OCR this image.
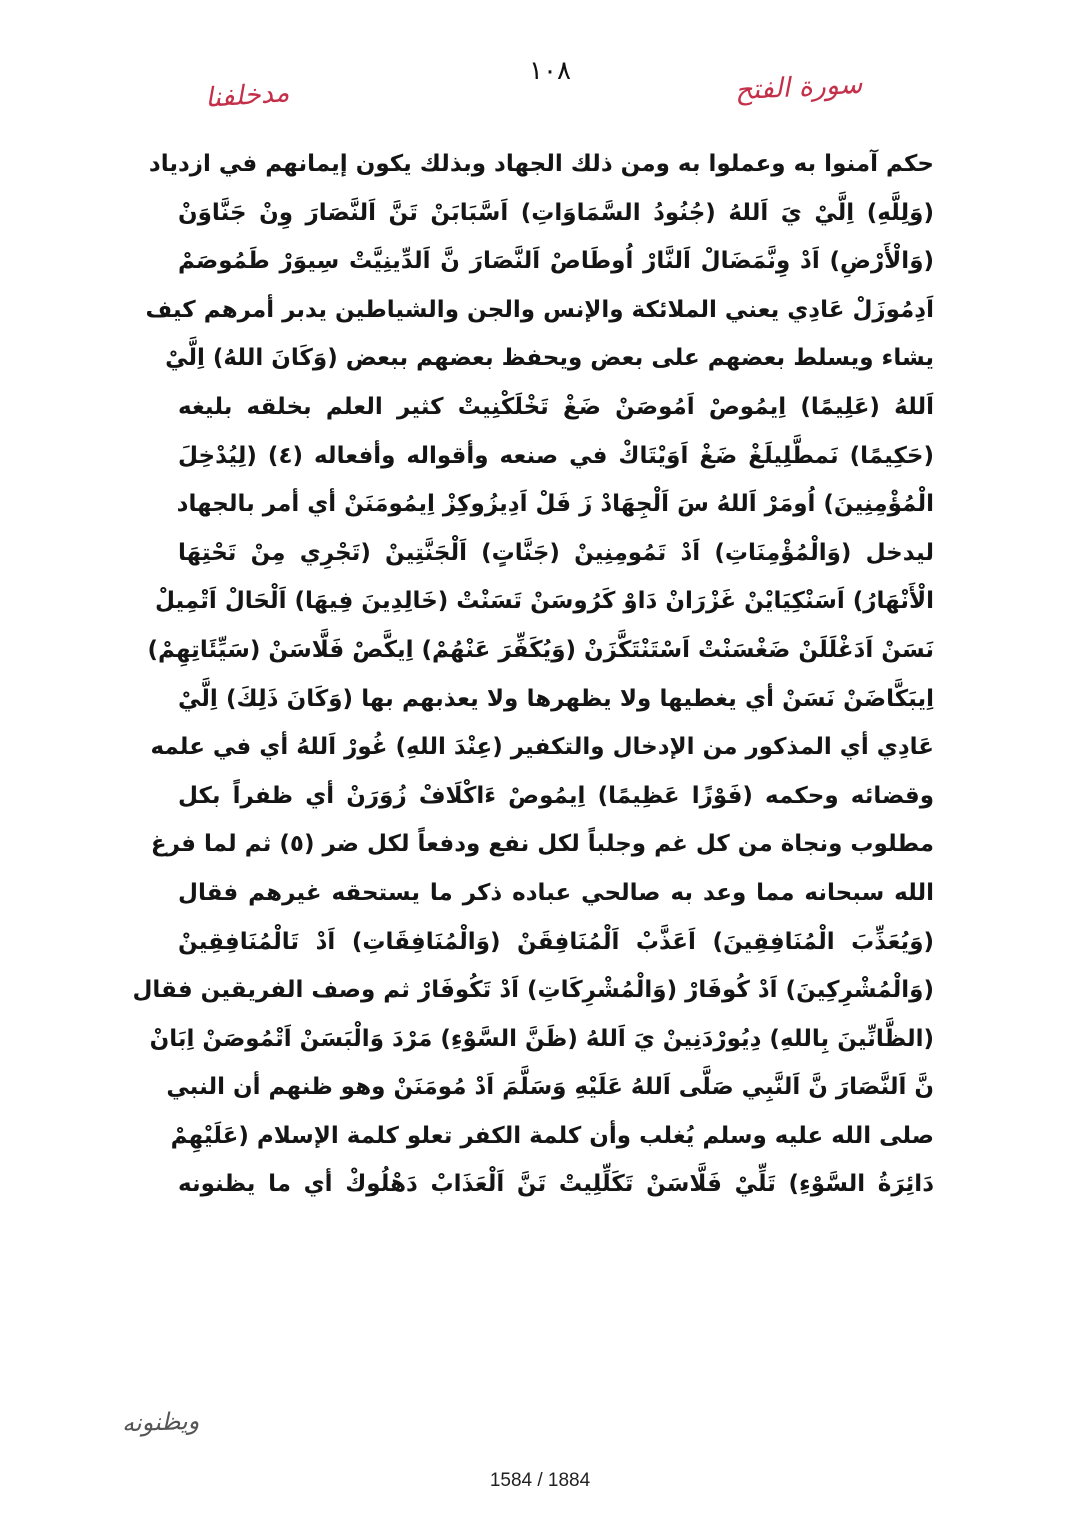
١٠٨
مدخلفنا	سورة الفتح
حكم آمنوا به وعملوا به ومن ذلك الجهاد وبذلك يكون إيمانهم في ازدياد
(وَلِلَّهِ) اِلَّيْ يَ اَللهُ (جُنُودُ السَّمَاوَاتِ) اَسَّبَابَنْ تَنَّ اَلنَّصَارَ وِنْ جَنَّاوَنْ
(وَالْأَرْضِ) اَدْ وِنَّمَضَالْ اَلنَّارْ اُوطَاصْ اَلنَّصَارَ نَّ اَلدِّينِيَّتْ سِيوَرْ طَمُوصَمْ
اَدِمُوزَلْ عَادِي يعني الملائكة والإنس والجن والشياطين يدبر أمرهم كيف
يشاء ويسلط بعضهم على بعض ويحفظ بعضهم ببعض (وَكَانَ اللهُ) اِلَّيْ
اَللهُ (عَلِيمًا) اِيمُوصْ اَمُوصَنْ ضَغْ تَخْلَكْنِيتْ كثير العلم بخلقه بليغه
(حَكِيمًا) نَمطَّلِيلَغْ ضَغْ اَوَيْتَاكْ في صنعه وأقواله وأفعاله (٤) (لِيُدْخِلَ
الْمُؤْمِنِينَ) اُومَرْ اَللهُ سَ اَلْجِهَادْ زَ فَلْ اَدِيزُوكِزْ اِيمُومَنَنْ أي أمر بالجهاد
ليدخل (وَالْمُؤْمِنَاتِ) اَدْ تَمُومِنِينْ (جَنَّاتٍ) اَلْجَنَّتِينْ (تَجْرِي مِنْ تَحْتِهَا
الْأَنْهَارُ) اَسَنْكِيَايْنْ غَزْرَانْ دَاوْ كَرُوسَنْ تَسَنْتْ (خَالِدِينَ فِيهَا) اَلْحَالْ اَتْمِيلْ
نَسَنْ اَدَغْلَلَنْ ضَغْسَنْتْ اَسْتَنْتَكَّزَنْ (وَيُكَفِّرَ عَنْهُمْ) اِيكَّصْ فَلَّاسَنْ (سَيِّئَاتِهِمْ)
اِيبَكَّاضَنْ نَسَنْ أي يغطيها ولا يظهرها ولا يعذبهم بها (وَكَانَ ذَلِكَ) اِلَّيْ
عَادِي أي المذكور من الإدخال والتكفير (عِنْدَ اللهِ) غُورْ اَللهُ أي في علمه
وقضائه وحكمه (فَوْزًا عَظِيمًا) اِيمُوصْ ءَاكْلَافْ زُوَرَنْ أي ظفراً بكل
مطلوب ونجاة من كل غم وجلباً لكل نفع ودفعاً لكل ضر (٥) ثم لما فرغ
الله سبحانه مما وعد به صالحي عباده ذكر ما يستحقه غيرهم فقال
(وَيُعَذِّبَ الْمُنَافِقِينَ) اَعَذَّبْ اَلْمُنَافِقَنْ (وَالْمُنَافِقَاتِ) اَدْ تَالْمُنَافِقِينْ
(وَالْمُشْرِكِينَ) اَدْ كُوفَارْ (وَالْمُشْرِكَاتِ) اَدْ تَكُوفَارْ ثم وصف الفريقين فقال
(الظَّانِّينَ بِاللهِ) دِيُورْدَنِينْ يَ اَللهُ (ظَنَّ السَّوْءِ) مَرْدَ وَالْبَسَنْ اَتْمُوصَنْ اِبَانْ
نَّ اَلنَّصَارَ نَّ اَلنَّبِي صَلَّى اَللهُ عَلَيْهِ وَسَلَّمَ اَدْ مُومَنَنْ وهو ظنهم أن النبي
صلى الله عليه وسلم يُغلب وأن كلمة الكفر تعلو كلمة الإسلام (عَلَيْهِمْ
دَائِرَةُ السَّوْءِ) تَلِّيْ فَلَّاسَنْ تَكَلِّلِيتْ تَنَّ اَلْعَذَابْ دَهْلُوكْ أي ما يظنونه
ويظنونه
1584 / 1884
